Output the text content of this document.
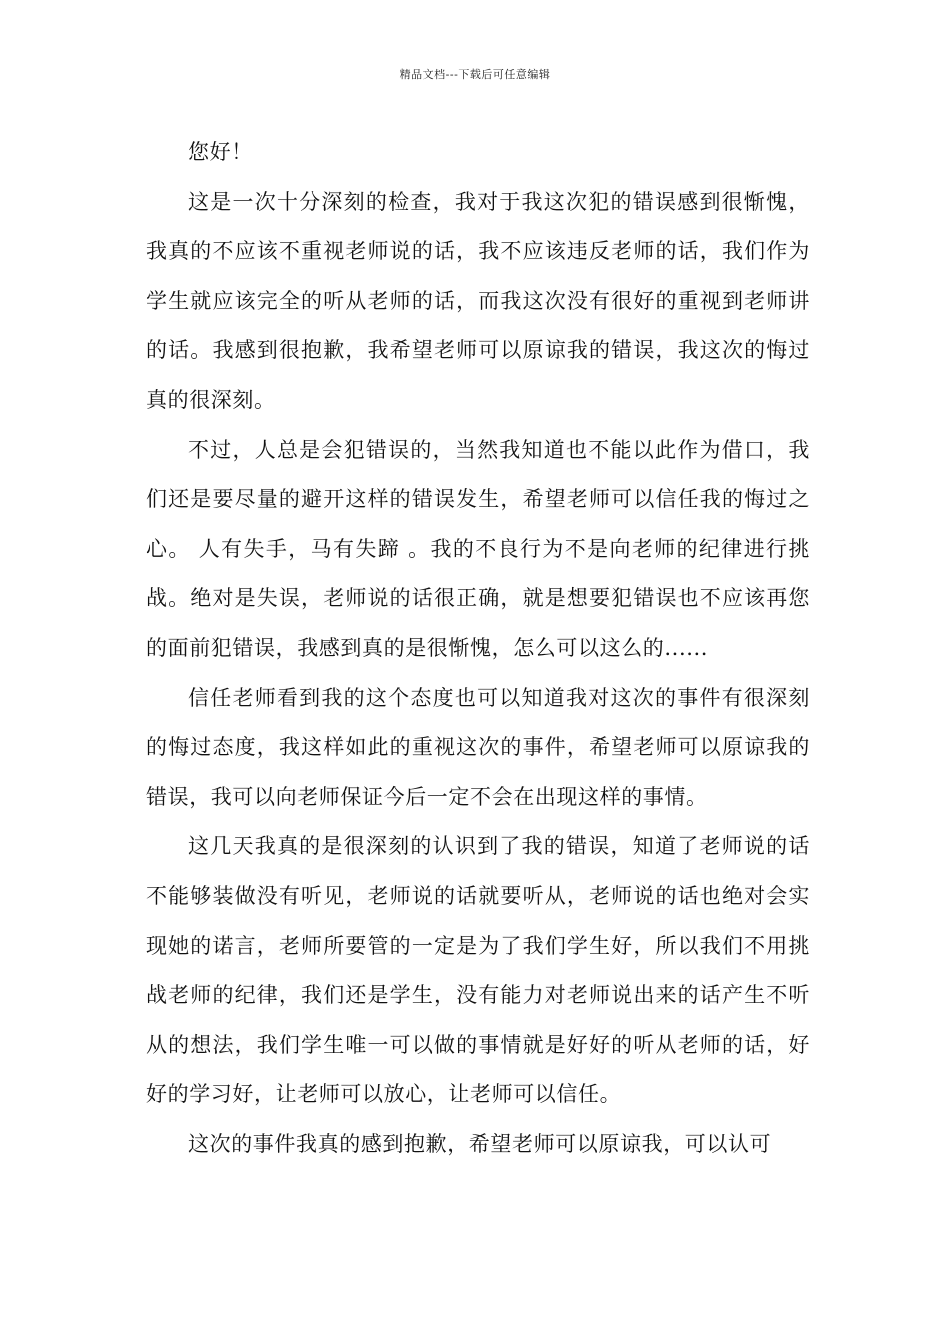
精品文档---下载后可任意编辑

您好！

这是一次十分深刻的检查，我对于我这次犯的错误感到很惭愧，我真的不应该不重视老师说的话，我不应该违反老师的话，我们作为学生就应该完全的听从老师的话，而我这次没有很好的重视到老师讲的话。我感到很抱歉，我希望老师可以原谅我的错误，我这次的悔过真的很深刻。

不过，人总是会犯错误的，当然我知道也不能以此作为借口，我们还是要尽量的避开这样的错误发生，希望老师可以信任我的悔过之心。 人有失手，马有失蹄 。我的不良行为不是向老师的纪律进行挑战。绝对是失误，老师说的话很正确，就是想要犯错误也不应该再您的面前犯错误，我感到真的是很惭愧，怎么可以这么的......

信任老师看到我的这个态度也可以知道我对这次的事件有很深刻的悔过态度，我这样如此的重视这次的事件，希望老师可以原谅我的错误，我可以向老师保证今后一定不会在出现这样的事情。

这几天我真的是很深刻的认识到了我的错误，知道了老师说的话不能够装做没有听见，老师说的话就要听从，老师说的话也绝对会实现她的诺言，老师所要管的一定是为了我们学生好，所以我们不用挑战老师的纪律，我们还是学生，没有能力对老师说出来的话产生不听从的想法，我们学生唯一可以做的事情就是好好的听从老师的话，好好的学习好，让老师可以放心，让老师可以信任。

这次的事件我真的感到抱歉，希望老师可以原谅我，可以认可
